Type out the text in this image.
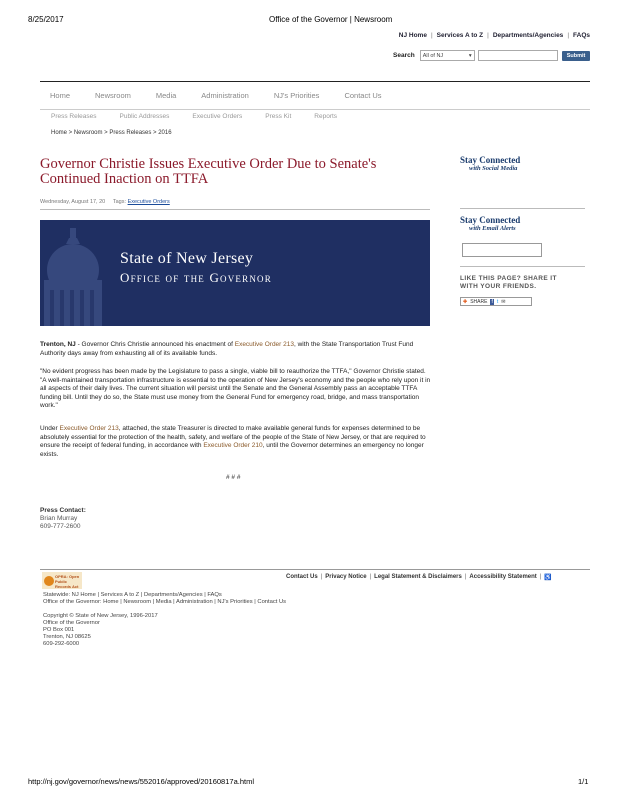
8/25/2017	Office of the Governor | Newsroom
NJ Home | Services A to Z | Departments/Agencies | FAQs
Search All of NJ	▾	Submit
Home	Newsroom	Media	Administration	NJ's Priorities	Contact Us
Press Releases	Public Addresses	Executive Orders	Press Kit	Reports
Home > Newsroom > Press Releases > 2016
Governor Christie Issues Executive Order Due to Senate's Continued Inaction on TTFA
Wednesday, August 17, 20 Tags: Executive Orders
State of New Jersey
Office of the Governor
Trenton, NJ - Governor Chris Christie announced his enactment of Executive Order 213, with the State Transportation Trust Fund Authority days away from exhausting all of its available funds.
"No evident progress has been made by the Legislature to pass a single, viable bill to reauthorize the TTFA," Governor Christie stated. "A well-maintained transportation infrastructure is essential to the operation of New Jersey's economy and the people who rely upon it in all aspects of their daily lives. The current situation will persist until the Senate and the General Assembly pass an acceptable TTFA funding bill. Until they do so, the State must use money from the General Fund for emergency road, bridge, and mass transportation work."
Under Executive Order 213, attached, the state Treasurer is directed to make available general funds for expenses determined to be absolutely essential for the protection of the health, safety, and welfare of the people of the State of New Jersey, or that are required to ensure the receipt of federal funding, in accordance with Executive Order 210, until the Governor determines an emergency no longer exists.
# # #
Press Contact:
Brian Murray
609-777-2600
Stay Connected
with Social Media
Stay Connected
with Email Alerts
LIKE THIS PAGE? SHARE IT
WITH YOUR FRIENDS.
✚ SHARE f t ✉
OPRA: Open
Public Records Act
Contact Us | Privacy Notice | Legal Statement & Disclaimers | Accessibility Statement | ♿
Statewide: NJ Home | Services A to Z | Departments/Agencies | FAQs
Office of the Governor: Home | Newsroom | Media | Administration | NJ's Priorities | Contact Us
Copyright © State of New Jersey, 1996-2017
Office of the Governor
PO Box 001
Trenton, NJ 08625
609-292-6000
http://nj.gov/governor/news/news/552016/approved/20160817a.html	1/1
